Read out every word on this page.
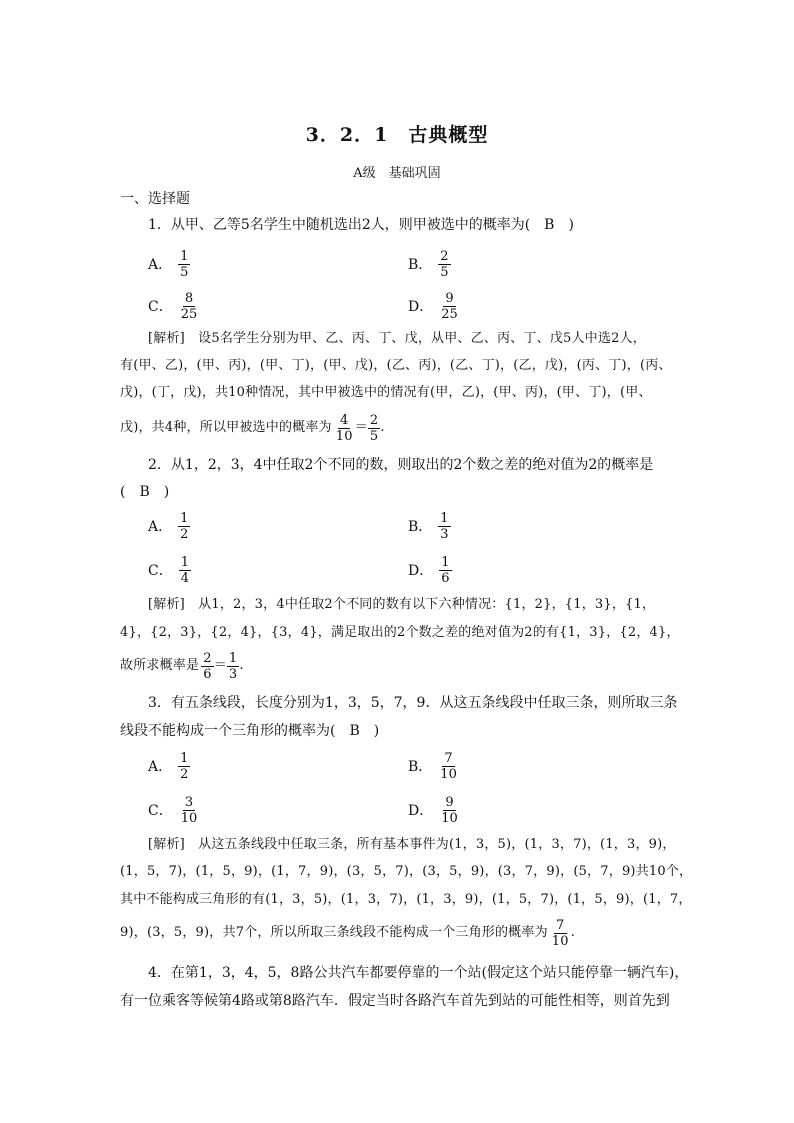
3．2．1　古典概型
A级　基础巩固
一、选择题
1．从甲、乙等5名学生中随机选出2人，则甲被选中的概率为(　B　)
A． $\frac{1}{5}$	B． $\frac{2}{5}$
C． $\frac{8}{25}$	D． $\frac{9}{25}$
[解析]　设5名学生分别为甲、乙、丙、丁、戊，从甲、乙、丙、丁、戊5人中选2人，
有(甲、乙)，(甲、丙)，(甲、丁)，(甲、戊)，(乙、丙)，(乙、丁)，(乙，戊)，(丙、丁)，(丙、
戊)，(丁，戊)，共10种情况，其中甲被选中的情况有(甲，乙)，(甲、丙)，(甲、丁)，(甲、
戊)，共4种，所以甲被选中的概率为 $\frac{4}{10} = \frac{2}{5}$ .
2．从1，2，3，4中任取2个不同的数，则取出的2个数之差的绝对值为2的概率是
(　B　)
A． $\frac{1}{2}$	B． $\frac{1}{3}$
C． $\frac{1}{4}$	D． $\frac{1}{6}$
[解析]　从1，2，3，4中任取2个不同的数有以下六种情况：{1，2}，{1，3}，{1，
4}，{2，3}，{2，4}，{3，4}，满足取出的2个数之差的绝对值为2的有{1，3}，{2，4}，
故所求概率是 $\frac{2}{6} = \frac{1}{3}$ .
3．有五条线段，长度分别为1，3，5，7，9．从这五条线段中任取三条，则所取三条
线段不能构成一个三角形的概率为(　B　)
A． $\frac{1}{2}$	B． $\frac{7}{10}$
C． $\frac{3}{10}$	D． $\frac{9}{10}$
[解析]　从这五条线段中任取三条，所有基本事件为(1，3，5)，(1，3，7)，(1，3，9)，
(1，5，7)，(1，5，9)，(1，7，9)，(3，5，7)，(3，5，9)，(3，7，9)，(5，7，9)共10个，
其中不能构成三角形的有(1，3，5)，(1，3，7)，(1，3，9)，(1，5，7)，(1，5，9)，(1，7，
9)，(3，5，9)，共7个，所以所取三条线段不能构成一个三角形的概率为 $\frac{7}{10}$ .
4．在第1，3，4，5，8路公共汽车都要停靠的一个站(假定这个站只能停靠一辆汽车)，
有一位乘客等候第4路或第8路汽车．假定当时各路汽车首先到站的可能性相等，则首先到
